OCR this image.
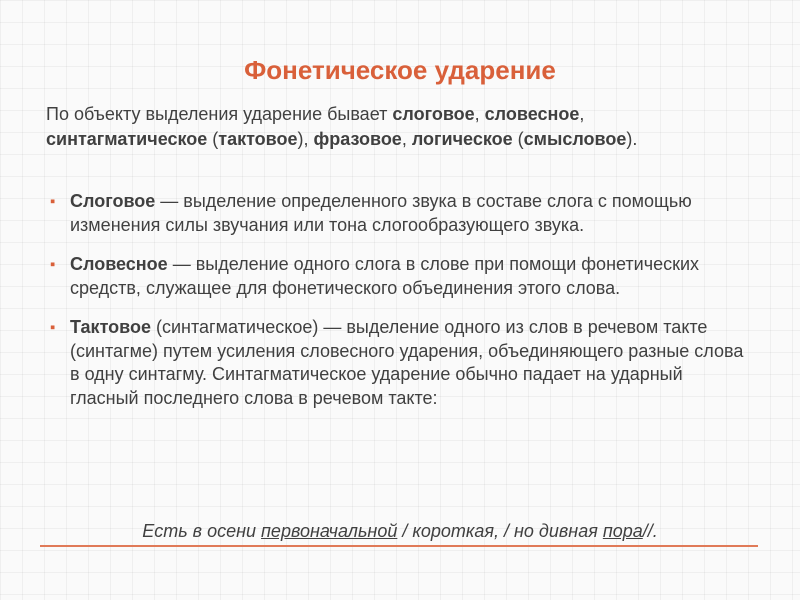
Фонетическое ударение
По объекту выделения ударение бывает слоговое, словесное, синтагматическое (тактовое), фразовое, логическое (смысловое).
▪ Слоговое — выделение определенного звука в составе слога с помощью изменения силы звучания или тона слогообразующего звука.
▪ Словесное — выделение одного слога в слове при помощи фонетических средств, служащее для фонетического объединения этого слова.
▪ Тактовое (синтагматическое) — выделение одного из слов в речевом такте (синтагме) путем усиления словесного ударения, объединяющего разные слова в одну синтагму. Синтагматическое ударение обычно падает на ударный гласный последнего слова в речевом такте:
Есть в осени первоначальной / короткая, / но дивная пора//.
